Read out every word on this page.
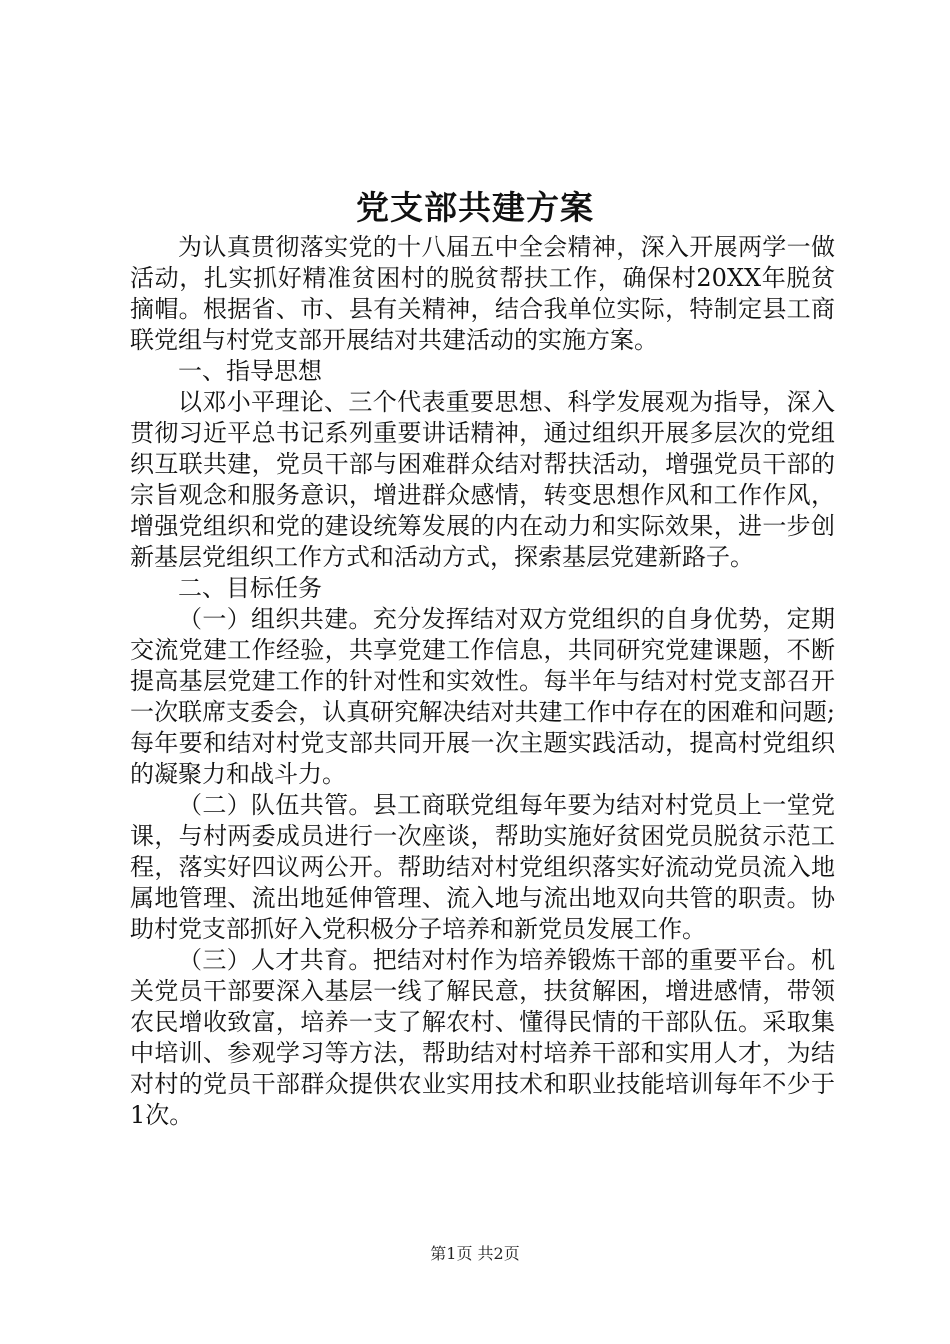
党支部共建方案

为认真贯彻落实党的十八届五中全会精神，深入开展两学一做活动，扎实抓好精准贫困村的脱贫帮扶工作，确保村20XX年脱贫摘帽。根据省、市、县有关精神，结合我单位实际，特制定县工商联党组与村党支部开展结对共建活动的实施方案。

一、指导思想

以邓小平理论、三个代表重要思想、科学发展观为指导，深入贯彻习近平总书记系列重要讲话精神，通过组织开展多层次的党组织互联共建，党员干部与困难群众结对帮扶活动，增强党员干部的宗旨观念和服务意识，增进群众感情，转变思想作风和工作作风，增强党组织和党的建设统筹发展的内在动力和实际效果，进一步创新基层党组织工作方式和活动方式，探索基层党建新路子。

二、目标任务

（一）组织共建。充分发挥结对双方党组织的自身优势，定期交流党建工作经验，共享党建工作信息，共同研究党建课题，不断提高基层党建工作的针对性和实效性。每半年与结对村党支部召开一次联席支委会，认真研究解决结对共建工作中存在的困难和问题;每年要和结对村党支部共同开展一次主题实践活动，提高村党组织的凝聚力和战斗力。

（二）队伍共管。县工商联党组每年要为结对村党员上一堂党课，与村两委成员进行一次座谈，帮助实施好贫困党员脱贫示范工程，落实好四议两公开。帮助结对村党组织落实好流动党员流入地属地管理、流出地延伸管理、流入地与流出地双向共管的职责。协助村党支部抓好入党积极分子培养和新党员发展工作。

（三）人才共育。把结对村作为培养锻炼干部的重要平台。机关党员干部要深入基层一线了解民意，扶贫解困，增进感情，带领农民增收致富，培养一支了解农村、懂得民情的干部队伍。采取集中培训、参观学习等方法，帮助结对村培养干部和实用人才，为结对村的党员干部群众提供农业实用技术和职业技能培训每年不少于1次。

第1页 共2页
